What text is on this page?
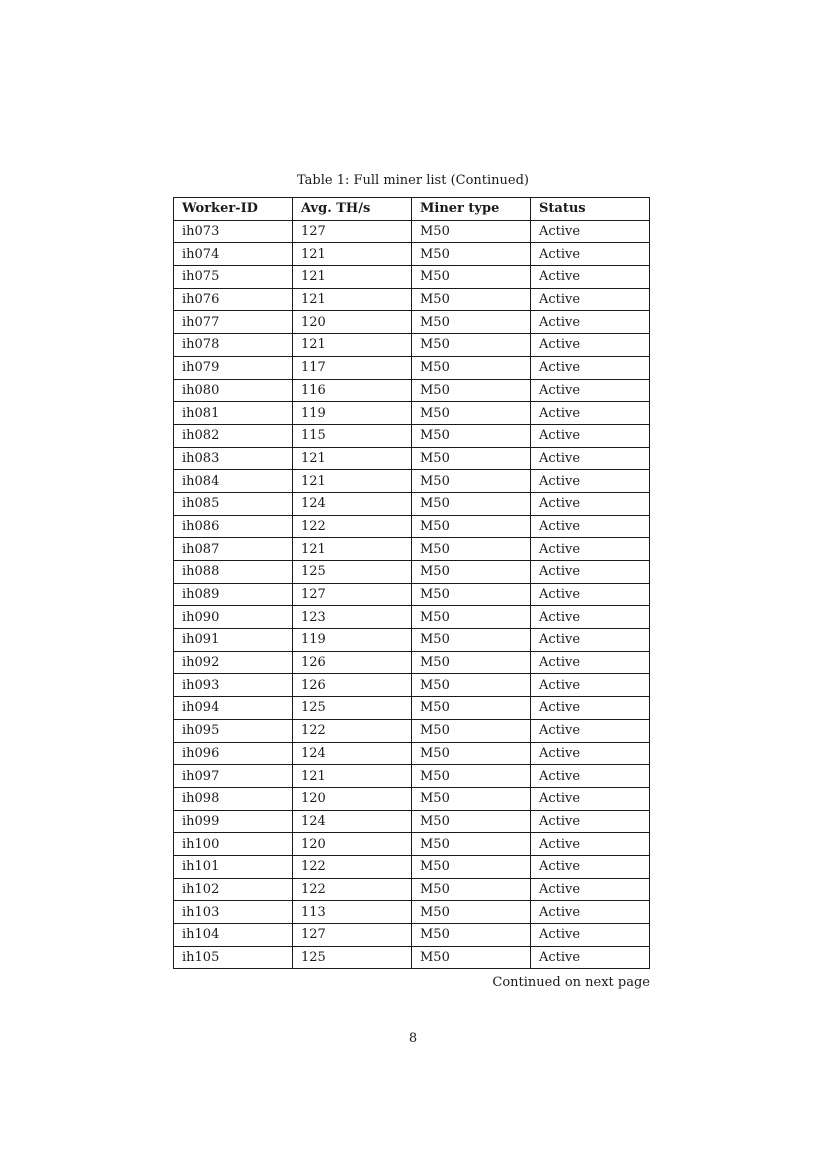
Table 1: Full miner list (Continued)
Worker-ID	Avg. TH/s	Miner type	Status
ih073	127	M50	Active
ih074	121	M50	Active
ih075	121	M50	Active
ih076	121	M50	Active
ih077	120	M50	Active
ih078	121	M50	Active
ih079	117	M50	Active
ih080	116	M50	Active
ih081	119	M50	Active
ih082	115	M50	Active
ih083	121	M50	Active
ih084	121	M50	Active
ih085	124	M50	Active
ih086	122	M50	Active
ih087	121	M50	Active
ih088	125	M50	Active
ih089	127	M50	Active
ih090	123	M50	Active
ih091	119	M50	Active
ih092	126	M50	Active
ih093	126	M50	Active
ih094	125	M50	Active
ih095	122	M50	Active
ih096	124	M50	Active
ih097	121	M50	Active
ih098	120	M50	Active
ih099	124	M50	Active
ih100	120	M50	Active
ih101	122	M50	Active
ih102	122	M50	Active
ih103	113	M50	Active
ih104	127	M50	Active
ih105	125	M50	Active
Continued on next page
8
